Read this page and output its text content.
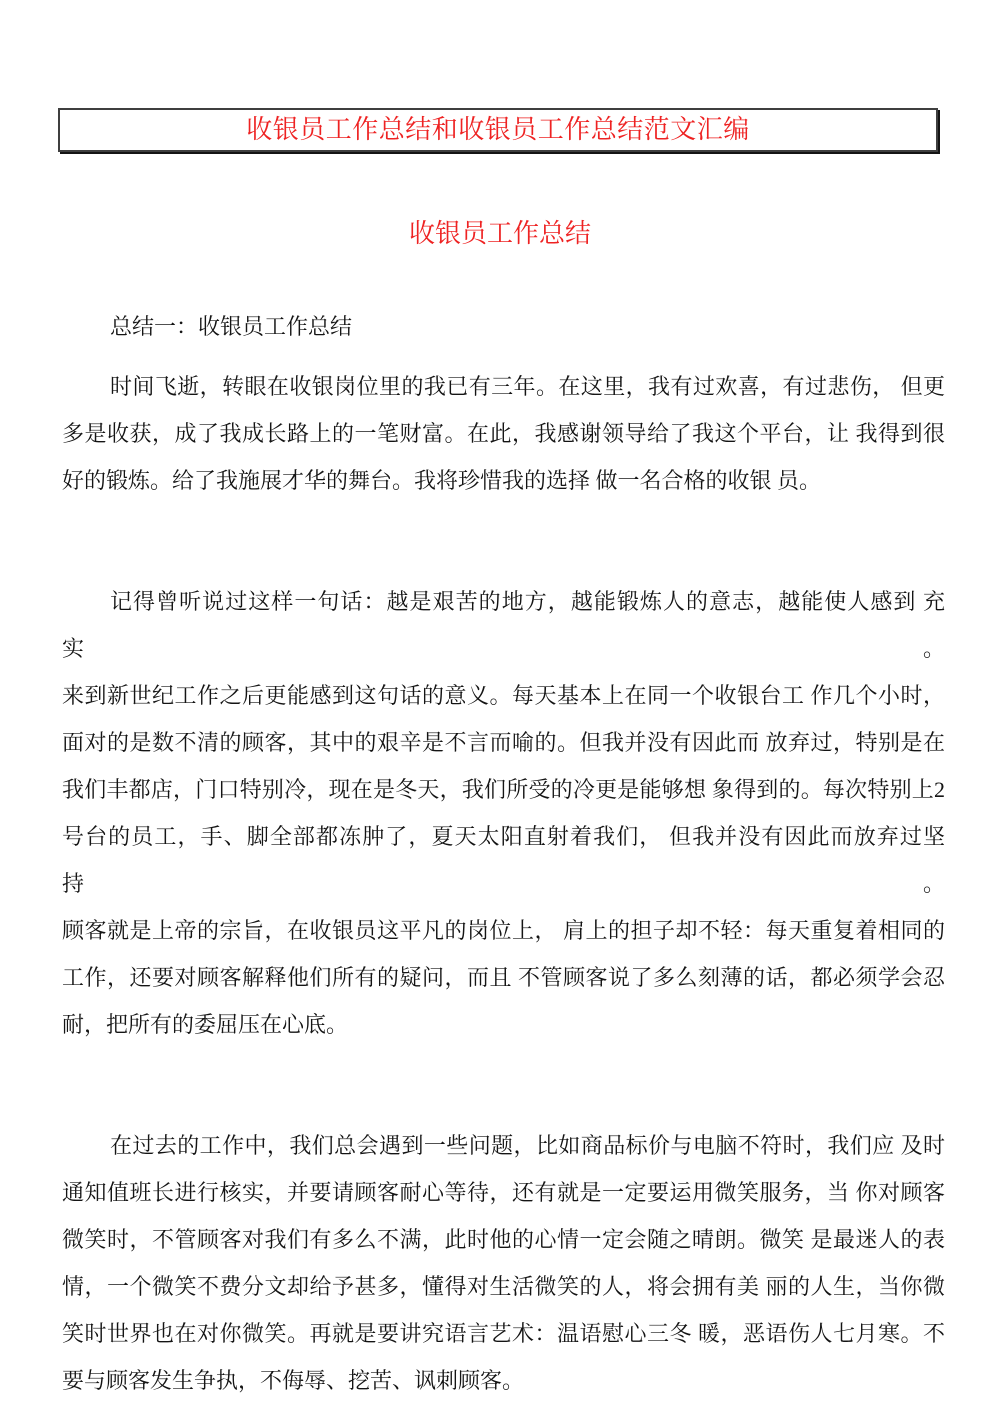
收银员工作总结和收银员工作总结范文汇编
收银员工作总结
总结一：收银员工作总结
时间飞逝，转眼在收银岗位里的我已有三年。在这里，我有过欢喜，有过悲伤， 但更
多是收获，成了我成长路上的一笔财富。在此，我感谢领导给了我这个平台，让 我得到很
好的锻炼。给了我施展才华的舞台。我将珍惜我的选择 做一名合格的收银 员。
记得曾听说过这样一句话：越是艰苦的地方，越能锻炼人的意志，越能使人感到 充实。
来到新世纪工作之后更能感到这句话的意义。每天基本上在同一个收银台工 作几个小时，
面对的是数不清的顾客，其中的艰辛是不言而喻的。但我并没有因此而 放弃过，特别是在
我们丰都店，门口特别冷，现在是冬天，我们所受的冷更是能够想 象得到的。每次特别上2
号台的员工，手、脚全部都冻肿了，夏天太阳直射着我们， 但我并没有因此而放弃过坚持。
顾客就是上帝的宗旨，在收银员这平凡的岗位上， 肩上的担子却不轻：每天重复着相同的
工作，还要对顾客解释他们所有的疑问，而且 不管顾客说了多么刻薄的话，都必须学会忍
耐，把所有的委屈压在心底。
在过去的工作中，我们总会遇到一些问题，比如商品标价与电脑不符时，我们应 及时
通知值班长进行核实，并要请顾客耐心等待，还有就是一定要运用微笑服务，当 你对顾客
微笑时，不管顾客对我们有多么不满，此时他的心情一定会随之晴朗。微笑 是最迷人的表
情，一个微笑不费分文却给予甚多，懂得对生活微笑的人，将会拥有美 丽的人生，当你微
笑时世界也在对你微笑。再就是要讲究语言艺术：温语慰心三冬 暖，恶语伤人七月寒。不
要与顾客发生争执，不侮辱、挖苦、讽刺顾客。
